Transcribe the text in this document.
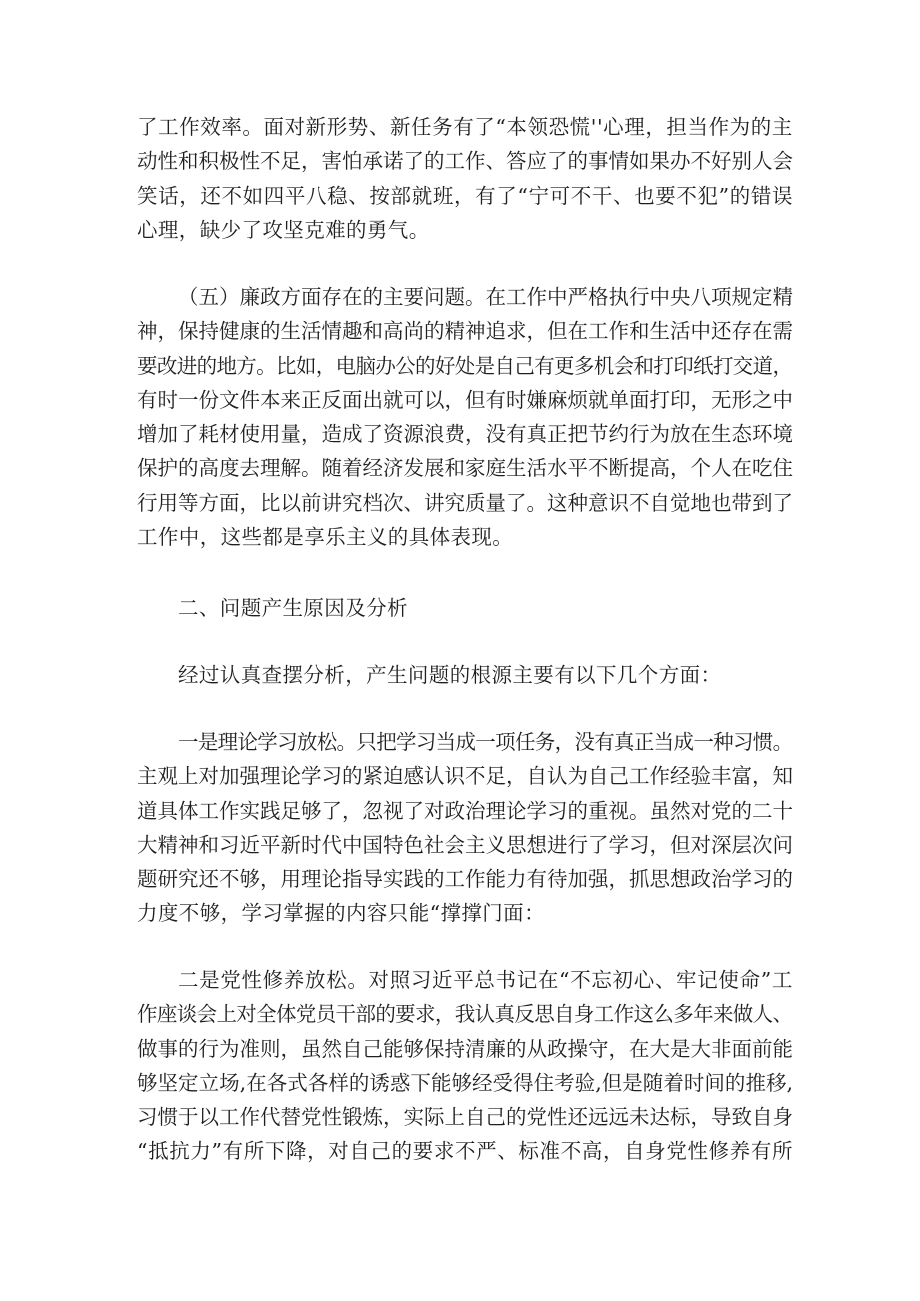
了工作效率。面对新形势、新任务有了“本领恐慌''心理，担当作为的主
动性和积极性不足，害怕承诺了的工作、答应了的事情如果办不好别人会
笑话，还不如四平八稳、按部就班，有了“宁可不干、也要不犯”的错误
心理，缺少了攻坚克难的勇气。
（五）廉政方面存在的主要问题。在工作中严格执行中央八项规定精
神，保持健康的生活情趣和高尚的精神追求，但在工作和生活中还存在需
要改进的地方。比如，电脑办公的好处是自己有更多机会和打印纸打交道，
有时一份文件本来正反面出就可以，但有时嫌麻烦就单面打印，无形之中
增加了耗材使用量，造成了资源浪费，没有真正把节约行为放在生态环境
保护的高度去理解。随着经济发展和家庭生活水平不断提高，个人在吃住
行用等方面，比以前讲究档次、讲究质量了。这种意识不自觉地也带到了
工作中，这些都是享乐主义的具体表现。

二、问题产生原因及分析

经过认真查摆分析，产生问题的根源主要有以下几个方面：

一是理论学习放松。只把学习当成一项任务，没有真正当成一种习惯。
主观上对加强理论学习的紧迫感认识不足，自认为自己工作经验丰富，知
道具体工作实践足够了，忽视了对政治理论学习的重视。虽然对党的二十
大精神和习近平新时代中国特色社会主义思想进行了学习，但对深层次问
题研究还不够，用理论指导实践的工作能力有待加强，抓思想政治学习的
力度不够，学习掌握的内容只能“撑撑门面：
二是党性修养放松。对照习近平总书记在“不忘初心、牢记使命”工
作座谈会上对全体党员干部的要求，我认真反思自身工作这么多年来做人、
做事的行为准则，虽然自己能够保持清廉的从政操守，在大是大非面前能
够坚定立场,在各式各样的诱惑下能够经受得住考验,但是随着时间的推移,
习惯于以工作代替党性锻炼，实际上自己的党性还远远未达标，导致自身
“抵抗力”有所下降，对自己的要求不严、标准不高，自身党性修养有所
